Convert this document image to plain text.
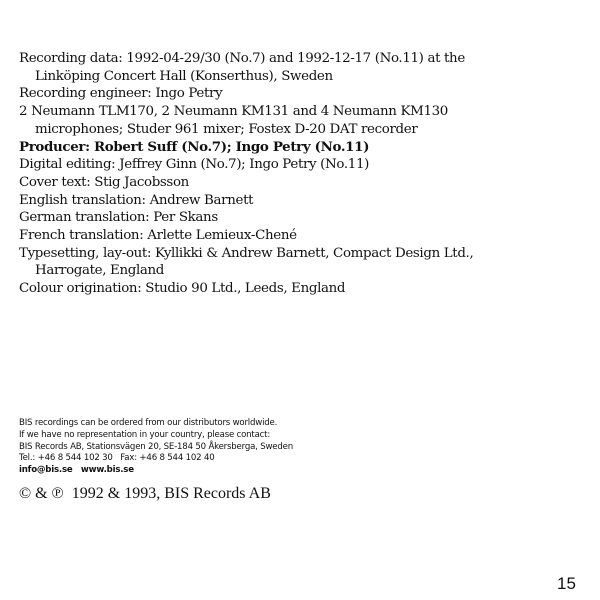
Recording data: 1992-04-29/30 (No.7) and 1992-12-17 (No.11) at the
Linköping Concert Hall (Konserthus), Sweden
Recording engineer: Ingo Petry
2 Neumann TLM170, 2 Neumann KM131 and 4 Neumann KM130
microphones; Studer 961 mixer; Fostex D-20 DAT recorder
Producer: Robert Suff (No.7); Ingo Petry (No.11)
Digital editing: Jeffrey Ginn (No.7); Ingo Petry (No.11)
Cover text: Stig Jacobsson
English translation: Andrew Barnett
German translation: Per Skans
French translation: Arlette Lemieux-Chené
Typesetting, lay-out: Kyllikki & Andrew Barnett, Compact Design Ltd.,
Harrogate, England
Colour origination: Studio 90 Ltd., Leeds, England
BIS recordings can be ordered from our distributors worldwide.
If we have no representation in your country, please contact:
BIS Records AB, Stationsvägen 20, SE-184 50 Åkersberga, Sweden
Tel.: +46 8 544 102 30   Fax: +46 8 544 102 40
info@bis.se   www.bis.se
© & ℗  1992 & 1993, BIS Records AB
15
